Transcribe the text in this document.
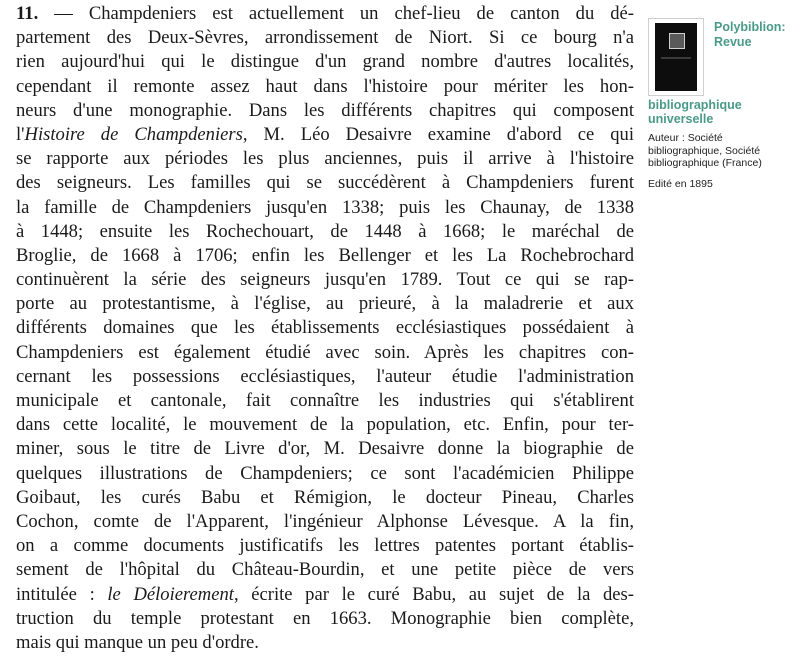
11. — Champdeniers est actuellement un chef-lieu de canton du dé-
partement des Deux-Sèvres, arrondissement de Niort. Si ce bourg n'a
rien aujourd'hui qui le distingue d'un grand nombre d'autres localités,
cependant il remonte assez haut dans l'histoire pour mériter les hon-
neurs d'une monographie. Dans les différents chapitres qui composent
l'Histoire de Champdeniers, M. Léo Desaivre examine d'abord ce qui
se rapporte aux périodes les plus anciennes, puis il arrive à l'histoire
des seigneurs. Les familles qui se succédèrent à Champdeniers furent
la famille de Champdeniers jusqu'en 1338; puis les Chaunay, de 1338
à 1448; ensuite les Rochechouart, de 1448 à 1668; le maréchal de
Broglie, de 1668 à 1706; enfin les Bellenger et les La Rochebrochard
continuèrent la série des seigneurs jusqu'en 1789. Tout ce qui se rap-
porte au protestantisme, à l'église, au prieuré, à la maladrerie et aux
différents domaines que les établissements ecclésiastiques possédaient à
Champdeniers est également étudié avec soin. Après les chapitres con-
cernant les possessions ecclésiastiques, l'auteur étudie l'administration
municipale et cantonale, fait connaître les industries qui s'établirent
dans cette localité, le mouvement de la population, etc. Enfin, pour ter-
miner, sous le titre de Livre d'or, M. Desaivre donne la biographie de
quelques illustrations de Champdeniers; ce sont l'académicien Philippe
Goibaut, les curés Babu et Rémigion, le docteur Pineau, Charles
Cochon, comte de l'Apparent, l'ingénieur Alphonse Lévesque. A la fin,
on a comme documents justificatifs les lettres patentes portant établis-
sement de l'hôpital du Château-Bourdin, et une petite pièce de vers
intitulée : le Déloierement, écrite par le curé Babu, au sujet de la des-
truction du temple protestant en 1663. Monographie bien complète,
mais qui manque un peu d'ordre.
Polybiblion: Revue
bibliographique universelle
Auteur : Société bibliographique, Société bibliographique (France)
Edité en 1895
